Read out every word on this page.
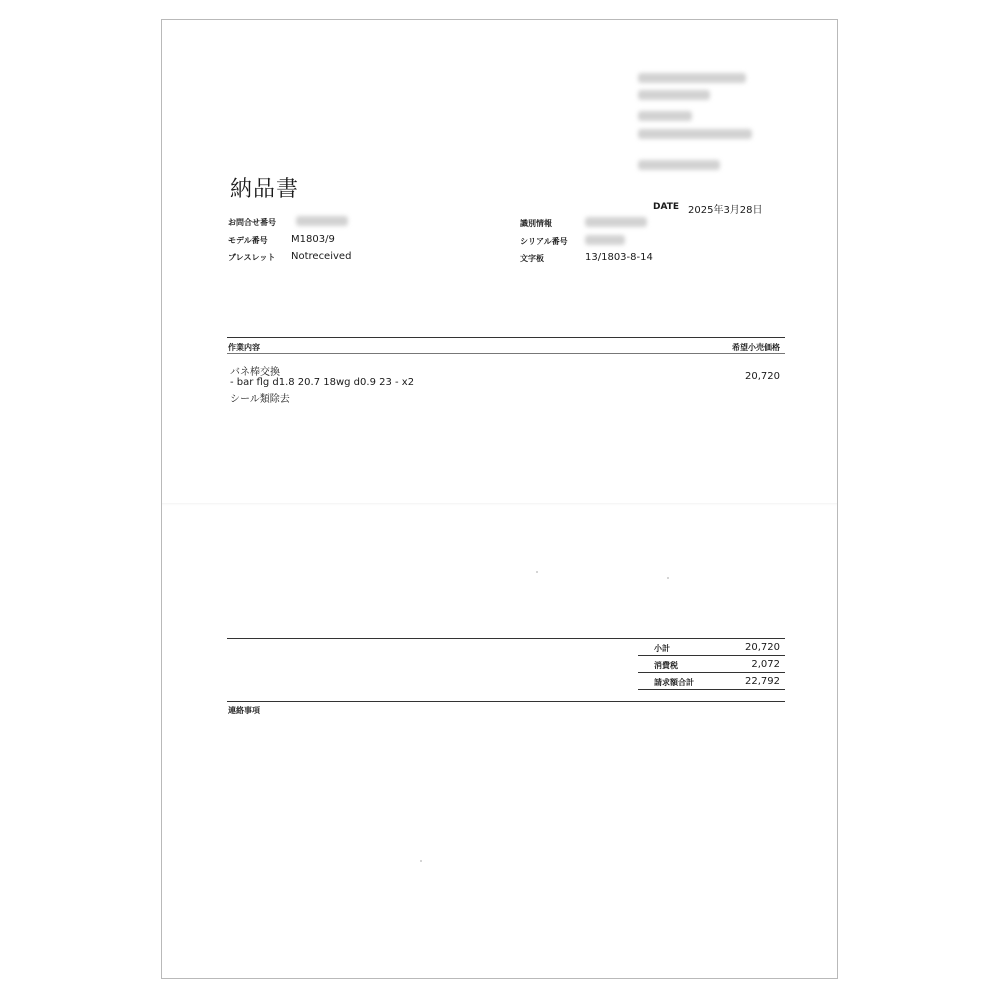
納品書
DATE 2025年3月28日
お問合せ番号
モデル番号 M1803/9
ブレスレット Notreceived
識別情報
シリアル番号
文字板	13/1803-8-14
作業内容	希望小売価格
バネ棒交換
- bar flg d1.8 20.7 18wg d0.9 23 - x2
シール類除去
20,720
小計	20,720
消費税	2,072
請求額合計	22,792
連絡事項
